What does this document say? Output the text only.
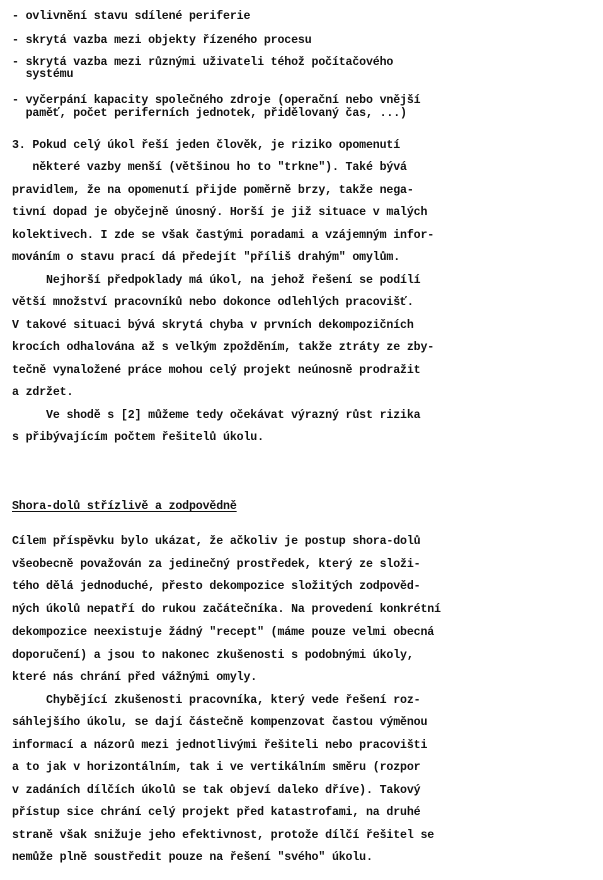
- ovlivnění stavu sdílené periferie
- skrytá vazba mezi objekty řízeného procesu
- skrytá vazba mezi různými uživateli téhož počítačového
systému
- vyčerpání kapacity společného zdroje (operační nebo vnější
paměť, počet periferních jednotek, přidělovaný čas, ...)
3. Pokud celý úkol řeší jeden člověk, je riziko opomenutí
některé vazby menší (většinou ho to "trkne"). Také bývá
pravidlem, že na opomenutí přijde poměrně brzy, takže nega-
tivní dopad je obyčejně únosný. Horší je již situace v malých
kolektivech. I zde se však častými poradami a vzájemným infor-
mováním o stavu prací dá předejít "příliš drahým" omylům.
Nejhorší předpoklady má úkol, na jehož řešení se podílí
větší množství pracovníků nebo dokonce odlehlých pracovišť.
V takové situaci bývá skrytá chyba v prvních dekompozičních
krocích odhalována až s velkým zpožděním, takže ztráty ze zby-
tečně vynaložené práce mohou celý projekt neúnosně prodražit
a zdržet.
Ve shodě s [2] můžeme tedy očekávat výrazný růst rizika
s přibývajícím počtem řešitelů úkolu.
Shora-dolů střízlivě a zodpovědně
Cílem příspěvku bylo ukázat, že ačkoliv je postup shora-dolů
všeobecně považován za jedinečný prostředek, který ze složi-
tého dělá jednoduché, přesto dekompozice složitých zodpověd-
ných úkolů nepatří do rukou začátečníka. Na provedení konkrétní
dekompozice neexistuje žádný "recept" (máme pouze velmi obecná
doporučení) a jsou to nakonec zkušenosti s podobnými úkoly,
které nás chrání před vážnými omyly.
Chybějící zkušenosti pracovníka, který vede řešení roz-
sáhlejšího úkolu, se dají částečně kompenzovat častou výměnou
informací a názorů mezi jednotlivými řešiteli nebo pracovišti
a to jak v horizontálním, tak i ve vertikálním směru (rozpor
v zadáních dílčích úkolů se tak objeví daleko dříve). Takový
přístup sice chrání celý projekt před katastrofami, na druhé
straně však snižuje jeho efektivnost, protože dílčí řešitel se
nemůže plně soustředit pouze na řešení "svého" úkolu.
